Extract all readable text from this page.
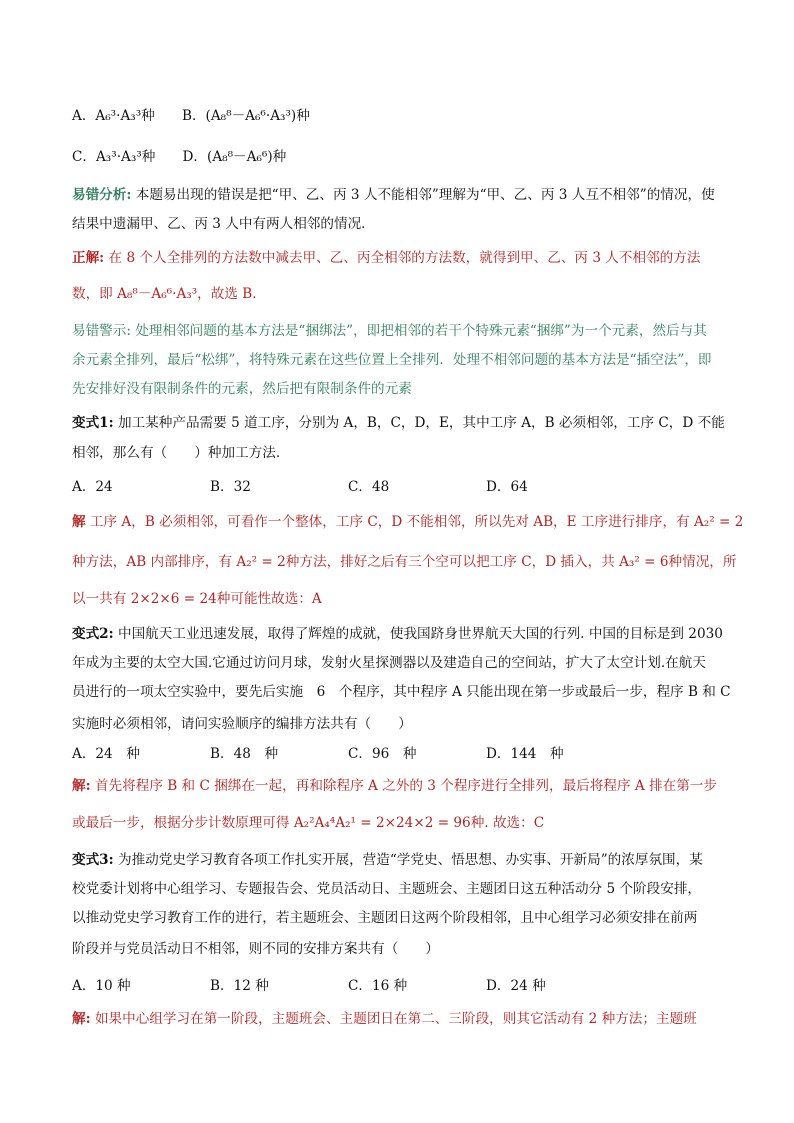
A．A₆³·A₃³种　　B．(A₈⁸－A₆⁶·A₃³)种
C．A₃³·A₃³种　　D．(A₈⁸－A₆⁶)种
易错分析: 本题易出现的错误是把“甲、乙、丙 3 人不能相邻”理解为“甲、乙、丙 3 人互不相邻”的情况，使
结果中遗漏甲、乙、丙 3 人中有两人相邻的情况．
正解: 在 8 个人全排列的方法数中减去甲、乙、丙全相邻的方法数，就得到甲、乙、丙 3 人不相邻的方法
数，即 A₈⁸－A₆⁶·A₃³，故选 B．
易错警示: 处理相邻问题的基本方法是“捆绑法”，即把相邻的若干个特殊元素“捆绑”为一个元素，然后与其
余元素全排列，最后“松绑”，将特殊元素在这些位置上全排列．处理不相邻问题的基本方法是“插空法”，即
先安排好没有限制条件的元素，然后把有限制条件的元素
变式1: 加工某种产品需要 5 道工序，分别为 A，B，C，D，E，其中工序 A，B 必须相邻，工序 C，D 不能
相邻，那么有（　　）种加工方法．
解 工序 A，B 必须相邻，可看作一个整体，工序 C，D 不能相邻，所以先对 AB，E 工序进行排序，有 A₂² = 2
种方法，AB 内部排序，有 A₂² = 2种方法，排好之后有三个空可以把工序 C，D 插入，共 A₃² = 6种情况，所
以一共有 2×2×6 = 24种可能性故选：A
变式2: 中国航天工业迅速发展，取得了辉煌的成就，使我国跻身世界航天大国的行列. 中国的目标是到 2030
年成为主要的太空大国.它通过访问月球，发射火星探测器以及建造自己的空间站，扩大了太空计划.在航天
员进行的一项太空实验中，要先后实施　6　个程序，其中程序 A 只能出现在第一步或最后一步，程序 B 和 C
实施时必须相邻，请问实验顺序的编排方法共有（　　）
解: 首先将程序 B 和 C 捆绑在一起，再和除程序 A 之外的 3 个程序进行全排列，最后将程序 A 排在第一步
或最后一步，根据分步计数原理可得 A₂²A₄⁴A₂¹ = 2×24×2 = 96种. 故选：C
变式3: 为推动党史学习教育各项工作扎实开展，营造“学党史、悟思想、办实事、开新局”的浓厚氛围，某
校党委计划将中心组学习、专题报告会、党员活动日、主题班会、主题团日这五种活动分 5 个阶段安排，
以推动党史学习教育工作的进行，若主题班会、主题团日这两个阶段相邻，且中心组学习必须安排在前两
阶段并与党员活动日不相邻，则不同的安排方案共有（　　）
解: 如果中心组学习在第一阶段，主题班会、主题团日在第二、三阶段，则其它活动有 2 种方法；主题班
A．24	B．32	C．48	D．64
A．24　种	B．48　种	C．96　种	D．144　种
A．10 种	B．12 种	C．16 种	D．24 种
